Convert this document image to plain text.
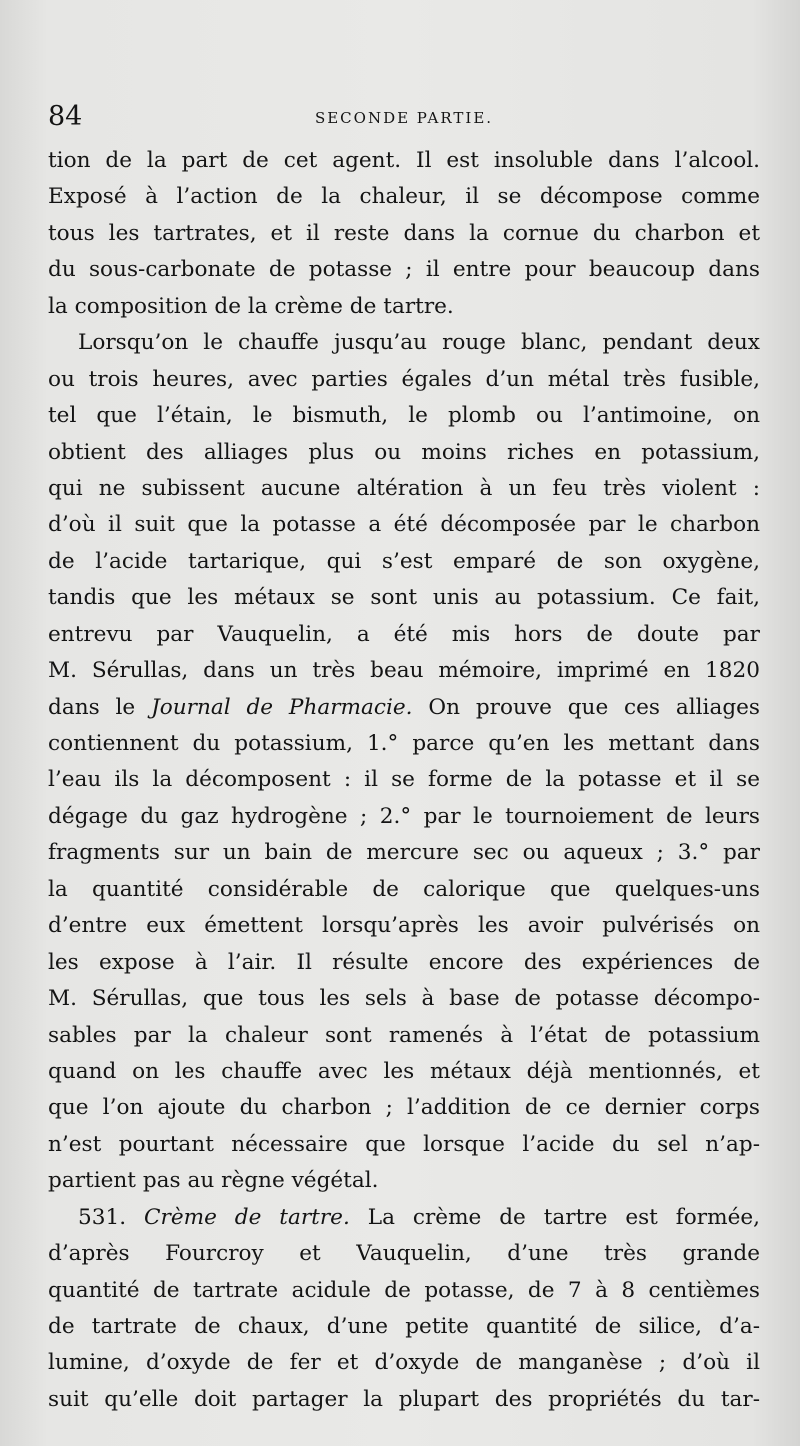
84	SECONDE PARTIE.
tion de la part de cet agent. Il est insoluble dans l’alcool.
Exposé à l’action de la chaleur, il se décompose comme
tous les tartrates, et il reste dans la cornue du charbon et
du sous-carbonate de potasse ; il entre pour beaucoup dans
la composition de la crème de tartre.
Lorsqu’on le chauffe jusqu’au rouge blanc, pendant deux
ou trois heures, avec parties égales d’un métal très fusible,
tel que l’étain, le bismuth, le plomb ou l’antimoine, on
obtient des alliages plus ou moins riches en potassium,
qui ne subissent aucune altération à un feu très violent :
d’où il suit que la potasse a été décomposée par le charbon
de l’acide tartarique, qui s’est emparé de son oxygène,
tandis que les métaux se sont unis au potassium. Ce fait,
entrevu par Vauquelin, a été mis hors de doute par
M. Sérullas, dans un très beau mémoire, imprimé en 1820
dans le Journal de Pharmacie. On prouve que ces alliages
contiennent du potassium, 1.° parce qu’en les mettant dans
l’eau ils la décomposent : il se forme de la potasse et il se
dégage du gaz hydrogène ; 2.° par le tournoiement de leurs
fragments sur un bain de mercure sec ou aqueux ; 3.° par
la quantité considérable de calorique que quelques-uns
d’entre eux émettent lorsqu’après les avoir pulvérisés on
les expose à l’air. Il résulte encore des expériences de
M. Sérullas, que tous les sels à base de potasse décompo-
sables par la chaleur sont ramenés à l’état de potassium
quand on les chauffe avec les métaux déjà mentionnés, et
que l’on ajoute du charbon ; l’addition de ce dernier corps
n’est pourtant nécessaire que lorsque l’acide du sel n’ap-
partient pas au règne végétal.
531. Crème de tartre. La crème de tartre est formée,
d’après Fourcroy et Vauquelin, d’une très grande
quantité de tartrate acidule de potasse, de 7 à 8 centièmes
de tartrate de chaux, d’une petite quantité de silice, d’a-
lumine, d’oxyde de fer et d’oxyde de manganèse ; d’où il
suit qu’elle doit partager la plupart des propriétés du tar-
